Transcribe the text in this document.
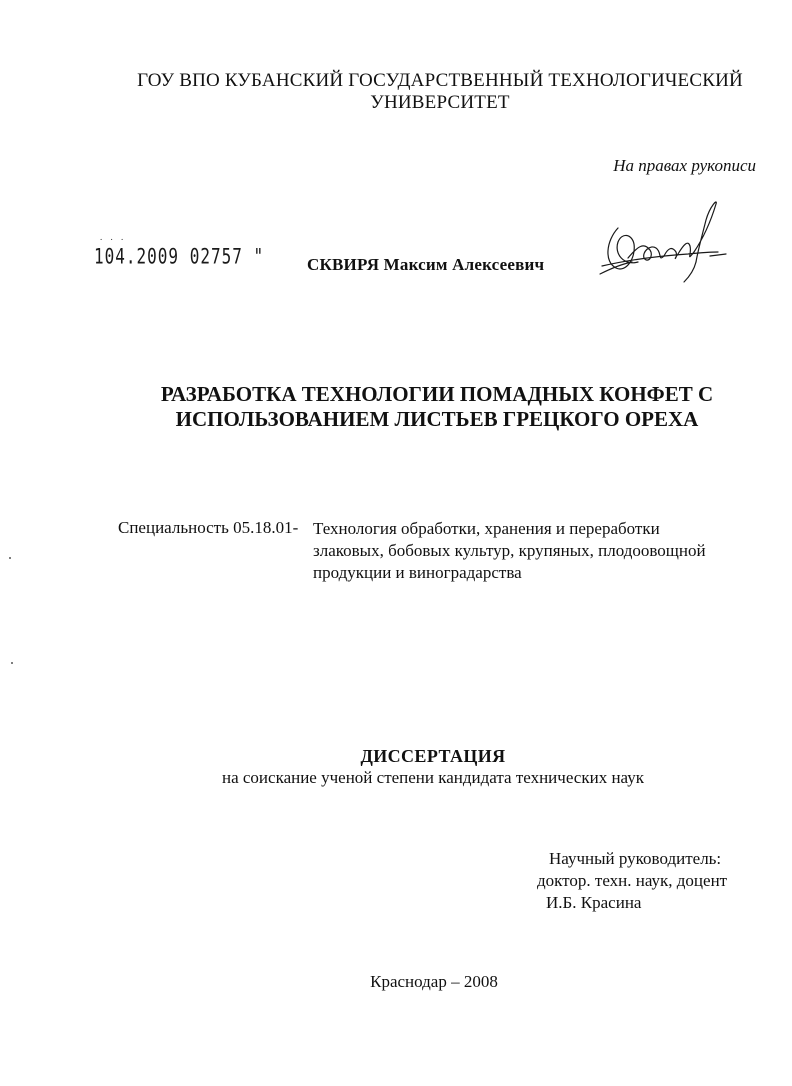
ГОУ ВПО КУБАНСКИЙ ГОСУДАРСТВЕННЫЙ ТЕХНОЛОГИЧЕСКИЙ
УНИВЕРСИТЕТ
На правах рукописи
. . .
104.2009 02757 "	СКВИРЯ Максим Алексеевич
РАЗРАБОТКА ТЕХНОЛОГИИ ПОМАДНЫХ КОНФЕТ С
ИСПОЛЬЗОВАНИЕМ ЛИСТЬЕВ ГРЕЦКОГО ОРЕХА
Специальность 05.18.01- Технология обработки, хранения и переработки
злаковых, бобовых культур, крупяных, плодоовощной
продукции и виноградарства
ДИССЕРТАЦИЯ
на соискание ученой степени кандидата технических наук
Научный руководитель:
доктор. техн. наук, доцент
И.Б. Красина
Краснодар – 2008
